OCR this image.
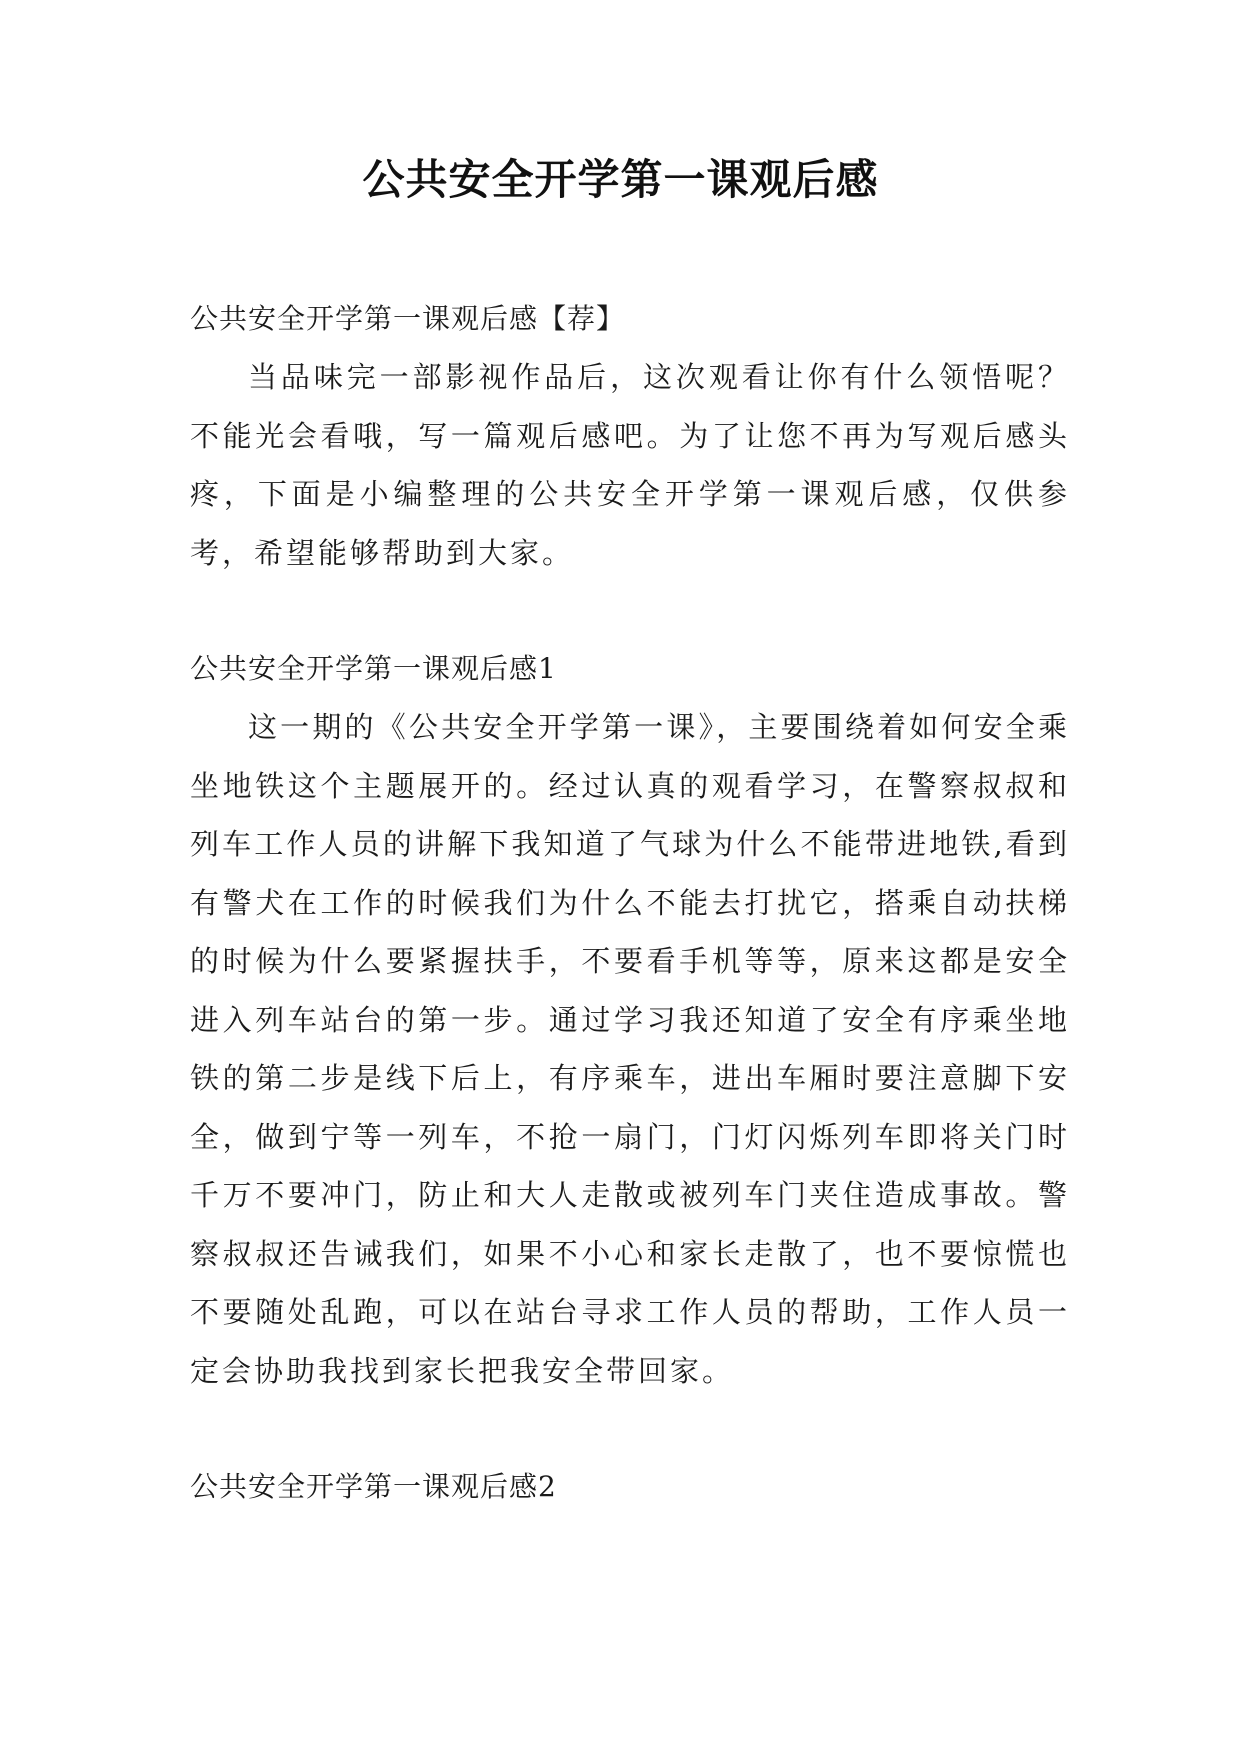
公共安全开学第一课观后感

公共安全开学第一课观后感【荐】

当品味完一部影视作品后，这次观看让你有什么领悟呢？不能光会看哦，写一篇观后感吧。为了让您不再为写观后感头疼，下面是小编整理的公共安全开学第一课观后感，仅供参考，希望能够帮助到大家。

公共安全开学第一课观后感1

这一期的《公共安全开学第一课》，主要围绕着如何安全乘坐地铁这个主题展开的。经过认真的观看学习，在警察叔叔和列车工作人员的讲解下我知道了气球为什么不能带进地铁,看到有警犬在工作的时候我们为什么不能去打扰它，搭乘自动扶梯的时候为什么要紧握扶手，不要看手机等等，原来这都是安全进入列车站台的第一步。通过学习我还知道了安全有序乘坐地铁的第二步是线下后上，有序乘车，进出车厢时要注意脚下安全，做到宁等一列车，不抢一扇门，门灯闪烁列车即将关门时千万不要冲门，防止和大人走散或被列车门夹住造成事故。警察叔叔还告诫我们，如果不小心和家长走散了，也不要惊慌也不要随处乱跑，可以在站台寻求工作人员的帮助，工作人员一定会协助我找到家长把我安全带回家。

公共安全开学第一课观后感2
